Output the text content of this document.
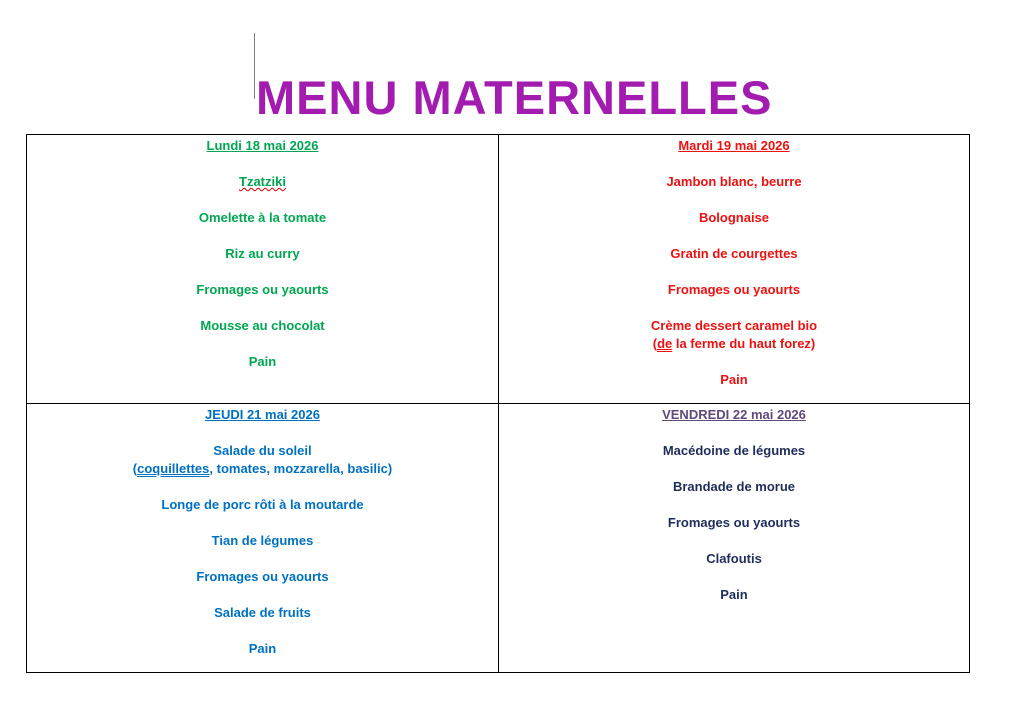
MENU MATERNELLES
Lundi 18 mai 2026
Tzatziki
Omelette à la tomate
Riz au curry
Fromages ou yaourts
Mousse au chocolat
Pain
Mardi 19 mai 2026
Jambon blanc, beurre
Bolognaise
Gratin de courgettes
Fromages ou yaourts
Crème dessert caramel bio
(de la ferme du haut forez)
Pain
JEUDI 21 mai 2026
Salade du soleil
(coquillettes, tomates, mozzarella, basilic)
Longe de porc rôti à la moutarde
Tian de légumes
Fromages ou yaourts
Salade de fruits
Pain
VENDREDI 22 mai 2026
Macédoine de légumes
Brandade de morue
Fromages ou yaourts
Clafoutis
Pain
